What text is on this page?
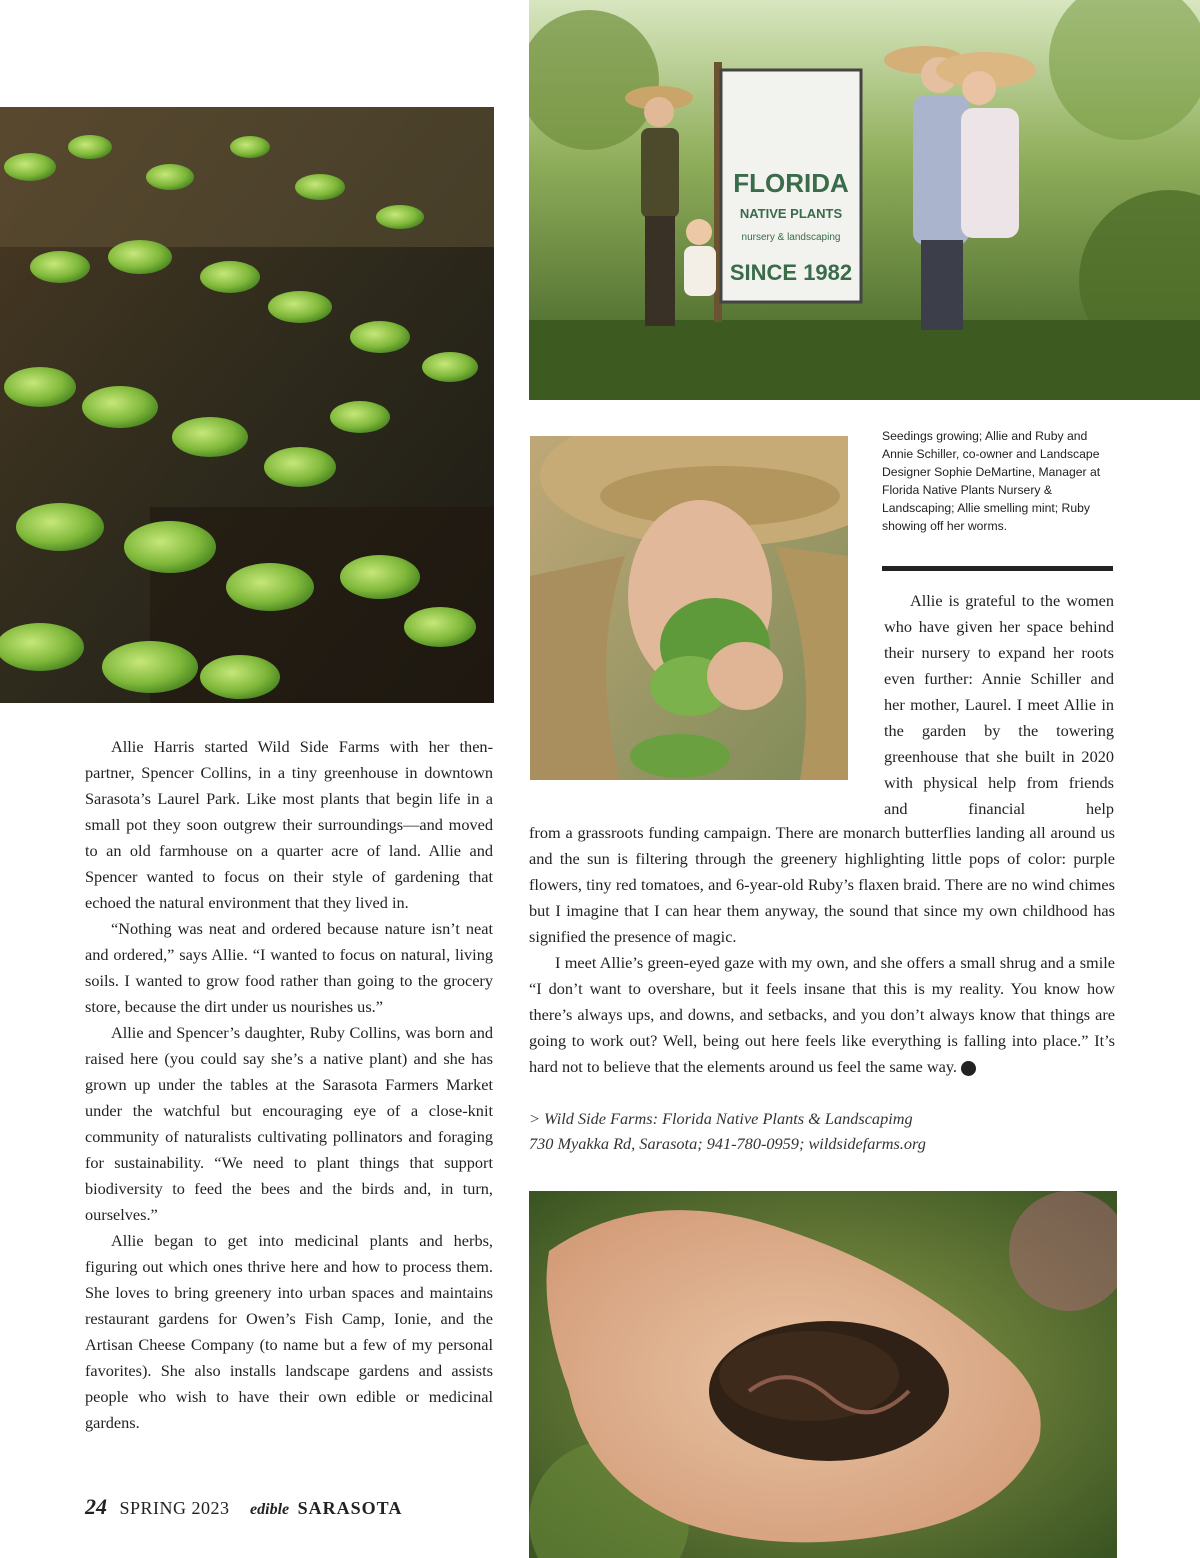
FLORIDA
NATIVE PLANTS
nursery & landscaping
SINCE 1982
Seedings growing; Allie and Ruby and Annie Schiller, co-owner and Landscape Designer Sophie DeMartine, Manager at Florida Native Plants Nursery & Landscaping; Allie smelling mint; Ruby showing off her worms.

Allie Harris started Wild Side Farms with her then-partner, Spencer Collins, in a tiny greenhouse in downtown Sarasota’s Laurel Park. Like most plants that begin life in a small pot they soon outgrew their surroundings—and moved to an old farmhouse on a quarter acre of land. Allie and Spencer wanted to focus on their style of gardening that echoed the natural environment that they lived in.

“Nothing was neat and ordered because nature isn’t neat and ordered,” says Allie. “I wanted to focus on natural, living soils. I wanted to grow food rather than going to the grocery store, because the dirt under us nourishes us.”

Allie and Spencer’s daughter, Ruby Collins, was born and raised here (you could say she’s a native plant) and she has grown up under the tables at the Sarasota Farmers Market under the watchful but encouraging eye of a close-knit community of naturalists cultivating pollinators and foraging for sustainability. “We need to plant things that support biodiversity to feed the bees and the birds and, in turn, ourselves.”

Allie began to get into medicinal plants and herbs, figuring out which ones thrive here and how to process them. She loves to bring greenery into urban spaces and maintains restaurant gardens for Owen’s Fish Camp, Ionie, and the Artisan Cheese Company (to name but a few of my personal favorites). She also installs landscape gardens and assists people who wish to have their own edible or medicinal gardens.

Allie is grateful to the women who have given her space behind their nursery to expand her roots even further: Annie Schiller and her mother, Laurel. I meet Allie in the garden by the towering greenhouse that she built in 2020 with physical help from friends and financial help

from a grassroots funding campaign. There are monarch butterflies landing all around us and the sun is filtering through the greenery highlighting little pops of color: purple flowers, tiny red tomatoes, and 6-year-old Ruby’s flaxen braid. There are no wind chimes but I imagine that I can hear them anyway, the sound that since my own childhood has signified the presence of magic.

I meet Allie’s green-eyed gaze with my own, and she offers a small shrug and a smile “I don’t want to overshare, but it feels insane that this is my reality. You know how there’s always ups, and downs, and setbacks, and you don’t always know that things are going to work out? Well, being out here feels like everything is falling into place.” It’s hard not to believe that the elements around us feel the same way.	e

> Wild Side Farms: Florida Native Plants & Landscapimg
730 Myakka Rd, Sarasota; 941-780-0959; wildsidefarms.org
24 SPRING 2023 edible SARASOTA
